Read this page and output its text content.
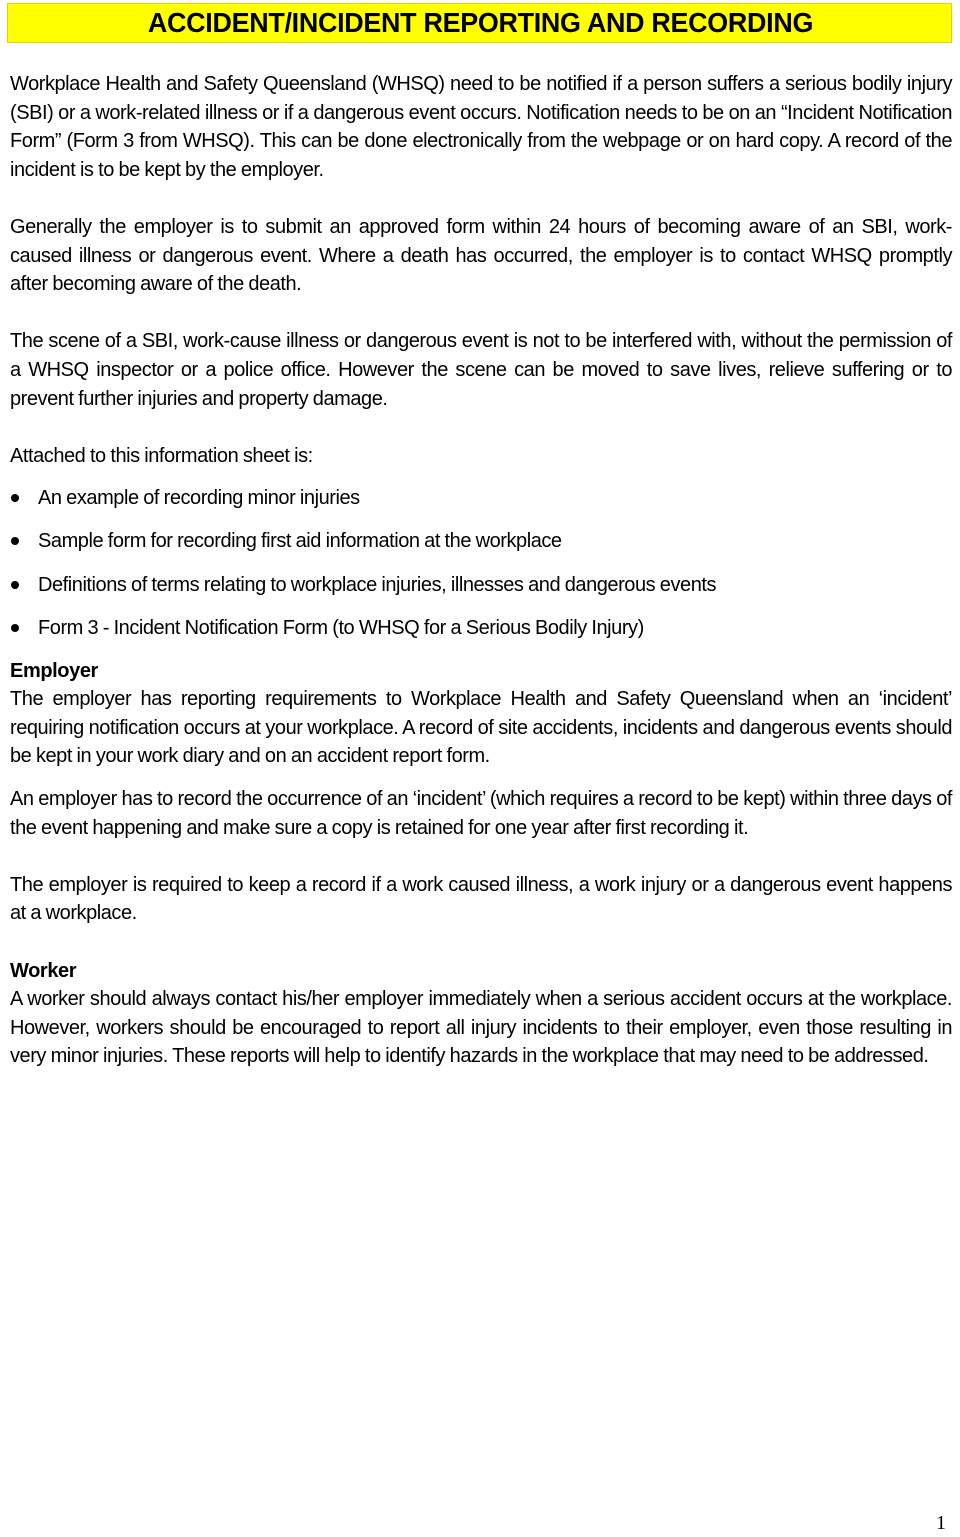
ACCIDENT/INCIDENT REPORTING AND RECORDING

Workplace Health and Safety Queensland (WHSQ) need to be notified if a person suffers a serious bodily injury (SBI) or a work-related illness or if a dangerous event occurs. Notification needs to be on an “Incident Notification Form” (Form 3 from WHSQ). This can be done electronically from the webpage or on hard copy. A record of the incident is to be kept by the employer.

Generally the employer is to submit an approved form within 24 hours of becoming aware of an SBI, work-caused illness or dangerous event. Where a death has occurred, the employer is to contact WHSQ promptly after becoming aware of the death.

The scene of a SBI, work-cause illness or dangerous event is not to be interfered with, without the permission of a WHSQ inspector or a police office. However the scene can be moved to save lives, relieve suffering or to prevent further injuries and property damage.

Attached to this information sheet is:

An example of recording minor injuries
Sample form for recording first aid information at the workplace
Definitions of terms relating to workplace injuries, illnesses and dangerous events
Form 3 - Incident Notification Form (to WHSQ for a Serious Bodily Injury)

Employer

The employer has reporting requirements to Workplace Health and Safety Queensland when an ‘incident’ requiring notification occurs at your workplace. A record of site accidents, incidents and dangerous events should be kept in your work diary and on an accident report form.

An employer has to record the occurrence of an ‘incident’ (which requires a record to be kept) within three days of the event happening and make sure a copy is retained for one year after first recording it.

The employer is required to keep a record if a work caused illness, a work injury or a dangerous event happens at a workplace.

Worker

A worker should always contact his/her employer immediately when a serious accident occurs at the workplace. However, workers should be encouraged to report all injury incidents to their employer, even those resulting in very minor injuries. These reports will help to identify hazards in the workplace that may need to be addressed.

1
